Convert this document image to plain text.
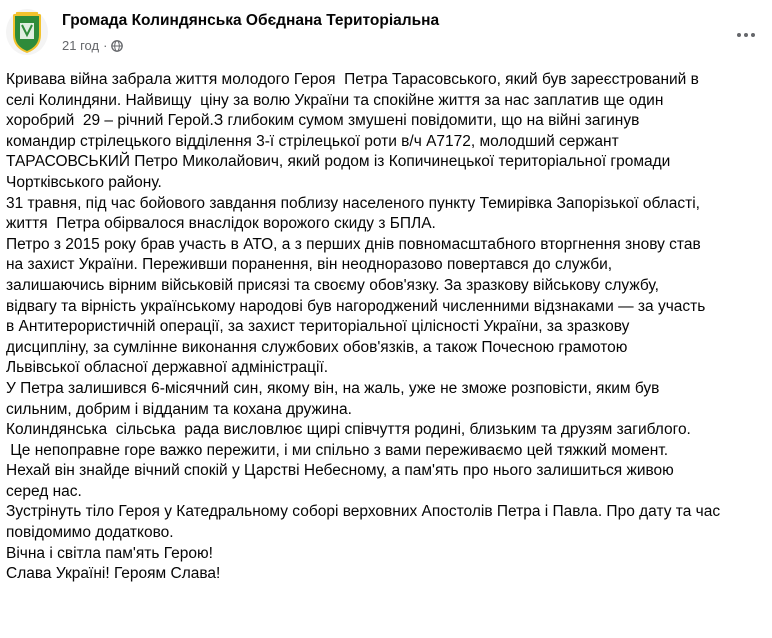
Громада Колиндянська Обєднана Територіальна
21 год ·
Кривава війна забрала життя молодого Героя  Петра Тарасовського, який був зареєстрований в
селі Колиндяни. Найвищу  ціну за волю України та спокійне життя за нас заплатив ще один
хоробрий  29 – річний Герой.З глибоким сумом змушені повідомити, що на війні загинув
командир стрілецького відділення 3-ї стрілецької роти в/ч А7172, молодший сержант
ТАРАСОВСЬКИЙ Петро Миколайович, який родом із Копичинецької територіальної громади
Чортківського району.
31 травня, під час бойового завдання поблизу населеного пункту Темирівка Запорізької області,
життя  Петра обірвалося внаслідок ворожого скиду з БПЛА.
Петро з 2015 року брав участь в АТО, а з перших днів повномасштабного вторгнення знову став
на захист України. Переживши поранення, він неодноразово повертався до служби,
залишаючись вірним військовій присязі та своєму обов'язку. За зразкову військову службу,
відвагу та вірність українському народові був нагороджений численними відзнаками — за участь
в Антитерористичній операції, за захист територіальної цілісності України, за зразкову
дисципліну, за сумлінне виконання службових обов'язків, а також Почесною грамотою
Львівської обласної державної адміністрації.
У Петра залишився 6-місячний син, якому він, на жаль, уже не зможе розповісти, яким був
сильним, добрим і відданим та кохана дружина.
Колиндянська  сільська  рада висловлює щирі співчуття родині, близьким та друзям загиблого.
Це непоправне горе важко пережити, і ми спільно з вами переживаємо цей тяжкий момент.
Нехай він знайде вічний спокій у Царстві Небесному, а пам'ять про нього залишиться живою
серед нас.
Зустрінуть тіло Героя у Катедральному соборі верховних Апостолів Петра і Павла. Про дату та час
повідомимо додатково.
Вічна і світла пам'ять Герою!
Слава Україні! Героям Слава!
